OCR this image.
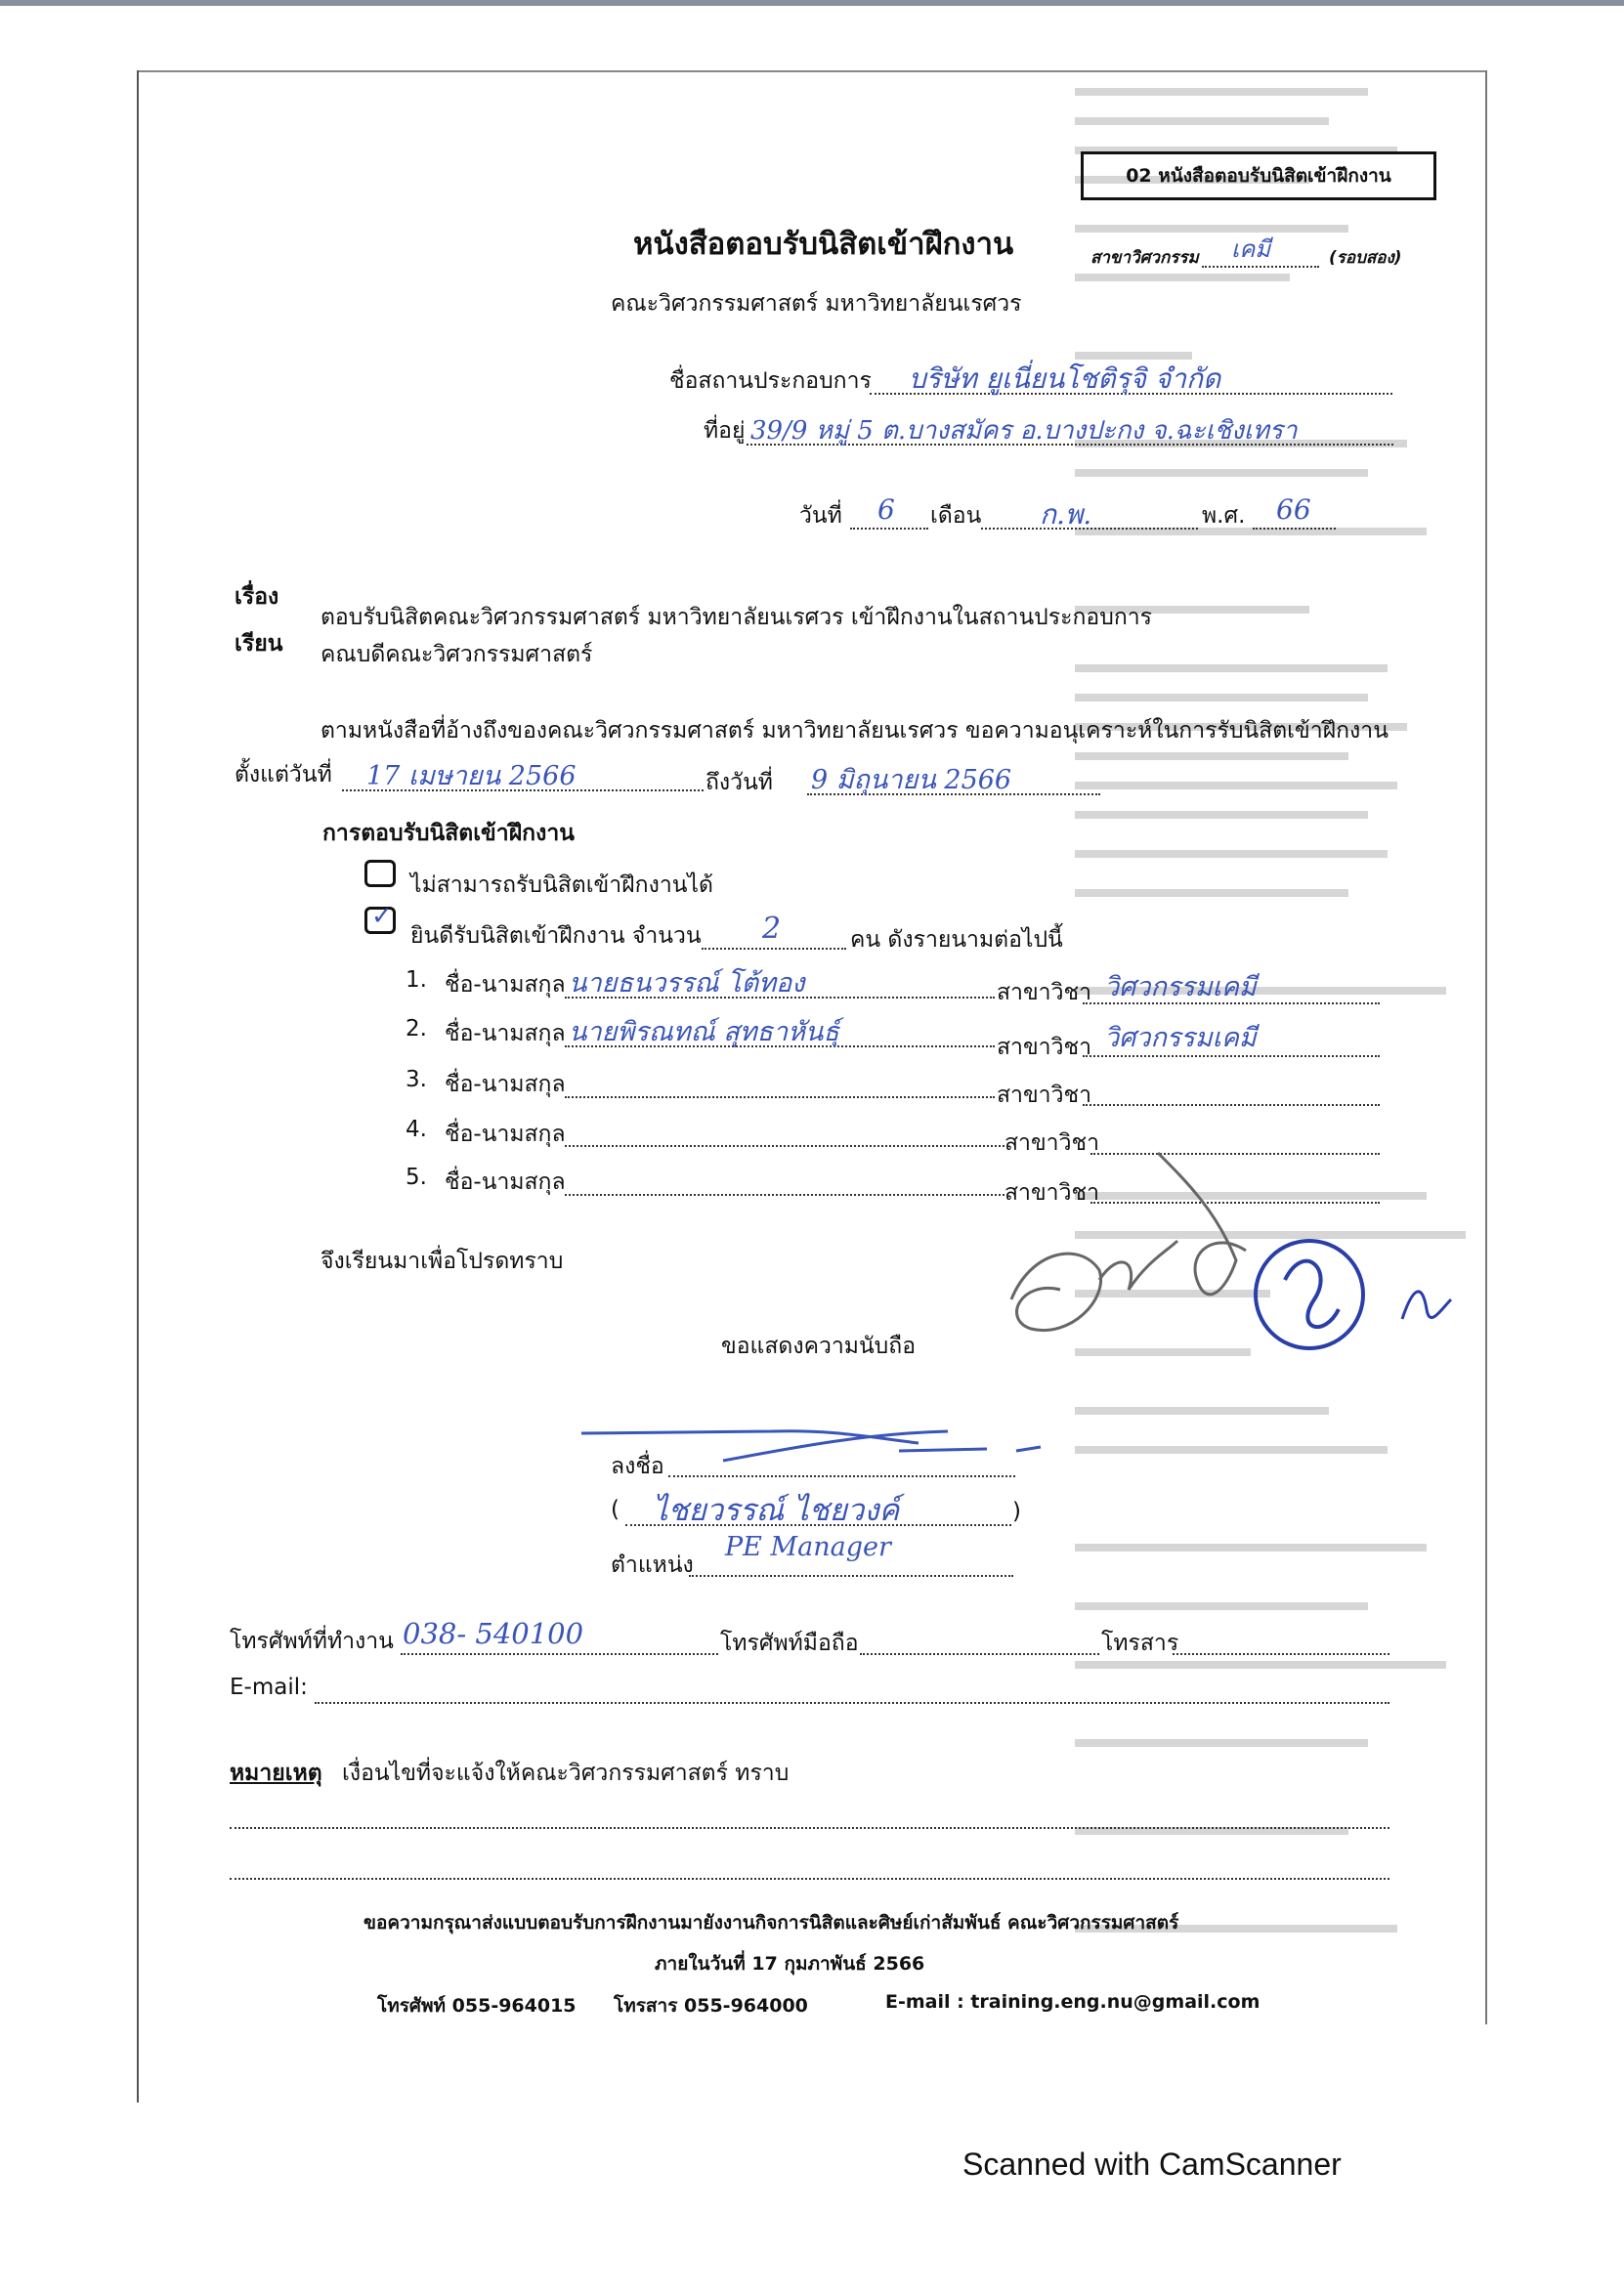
02 หนังสือตอบรับนิสิตเข้าฝึกงาน
หนังสือตอบรับนิสิตเข้าฝึกงาน	สาขาวิศวกรรม เคมี	(รอบสอง)
คณะวิศวกรรมศาสตร์ มหาวิทยาลัยนเรศวร
ชื่อสถานประกอบการ บริษัท ยูเนี่ยนโชติรุจิ จำกัด
ที่อยู่ 39/9 หมู่ 5 ต.บางสมัคร อ.บางปะกง จ.ฉะเชิงเทรา
วันที่ 6 เดือน ก.พ.	พ.ศ. 66
เรื่อง
ตอบรับนิสิตคณะวิศวกรรมศาสตร์ มหาวิทยาลัยนเรศวร เข้าฝึกงานในสถานประกอบการ
เรียน คณบดีคณะวิศวกรรมศาสตร์
ตามหนังสือที่อ้างถึงของคณะวิศวกรรมศาสตร์ มหาวิทยาลัยนเรศวร ขอความอนุเคราะห์ในการรับนิสิตเข้าฝึกงาน
ตั้งแต่วันที่ 17 เมษายน 2566	ถึงวันที่ 9 มิถุนายน 2566
การตอบรับนิสิตเข้าฝึกงาน
ไม่สามารถรับนิสิตเข้าฝึกงานได้
✓
ยินดีรับนิสิตเข้าฝึกงาน จำนวน 2	คน ดังรายนามต่อไปนี้
1. ชื่อ-นามสกุล นายธนวรรณ์ โต้ทอง	สาขาวิชา วิศวกรรมเคมี
2. ชื่อ-นามสกุล นายพิรณทณ์ สุทธาหันธุ์	สาขาวิชา วิศวกรรมเคมี
3. ชื่อ-นามสกุล	สาขาวิชา
4. ชื่อ-นามสกุล	สาขาวิชา
5. ชื่อ-นามสกุล	สาขาวิชา
จึงเรียนมาเพื่อโปรดทราบ
ขอแสดงความนับถือ
ลงชื่อ
( ไชยวรรณ์ ไชยวงค์	)
ตำแหน่ง
PE Manager
โทรศัพท์ที่ทำงาน 038- 540100	โทรศัพท์มือถือ	โทรสาร
E-mail:
หมายเหตุ เงื่อนไขที่จะแจ้งให้คณะวิศวกรรมศาสตร์ ทราบ
ขอความกรุณาส่งแบบตอบรับการฝึกงานมายังงานกิจการนิสิตและศิษย์เก่าสัมพันธ์ คณะวิศวกรรมศาสตร์
ภายในวันที่ 17 กุมภาพันธ์ 2566
โทรศัพท์ 055-964015 โทรสาร 055-964000	E-mail : training.eng.nu@gmail.com
Scanned with CamScanner
